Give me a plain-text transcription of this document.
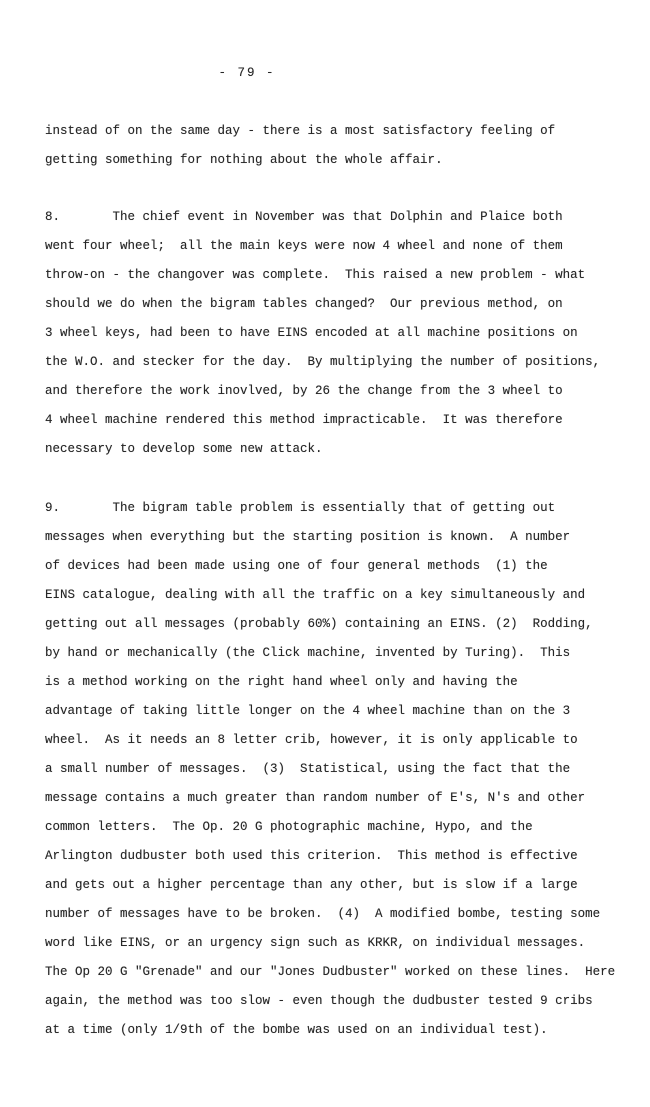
- 79 -
instead of on the same day - there is a most satisfactory feeling of
getting something for nothing about the whole affair.
8.       The chief event in November was that Dolphin and Plaice both
went four wheel;  all the main keys were now 4 wheel and none of them
throw-on - the changover was complete.  This raised a new problem - what
should we do when the bigram tables changed?  Our previous method, on
3 wheel keys, had been to have EINS encoded at all machine positions on
the W.O. and stecker for the day.  By multiplying the number of positions,
and therefore the work inovlved, by 26 the change from the 3 wheel to
4 wheel machine rendered this method impracticable.  It was therefore
necessary to develop some new attack.
9.       The bigram table problem is essentially that of getting out
messages when everything but the starting position is known.  A number
of devices had been made using one of four general methods  (1) the
EINS catalogue, dealing with all the traffic on a key simultaneously and
getting out all messages (probably 60%) containing an EINS. (2)  Rodding,
by hand or mechanically (the Click machine, invented by Turing).  This
is a method working on the right hand wheel only and having the
advantage of taking little longer on the 4 wheel machine than on the 3
wheel.  As it needs an 8 letter crib, however, it is only applicable to
a small number of messages.  (3)  Statistical, using the fact that the
message contains a much greater than random number of E's, N's and other
common letters.  The Op. 20 G photographic machine, Hypo, and the
Arlington dudbuster both used this criterion.  This method is effective
and gets out a higher percentage than any other, but is slow if a large
number of messages have to be broken.  (4)  A modified bombe, testing some
word like EINS, or an urgency sign such as KRKR, on individual messages.
The Op 20 G "Grenade" and our "Jones Dudbuster" worked on these lines.  Here
again, the method was too slow - even though the dudbuster tested 9 cribs
at a time (only 1/9th of the bombe was used on an individual test).
